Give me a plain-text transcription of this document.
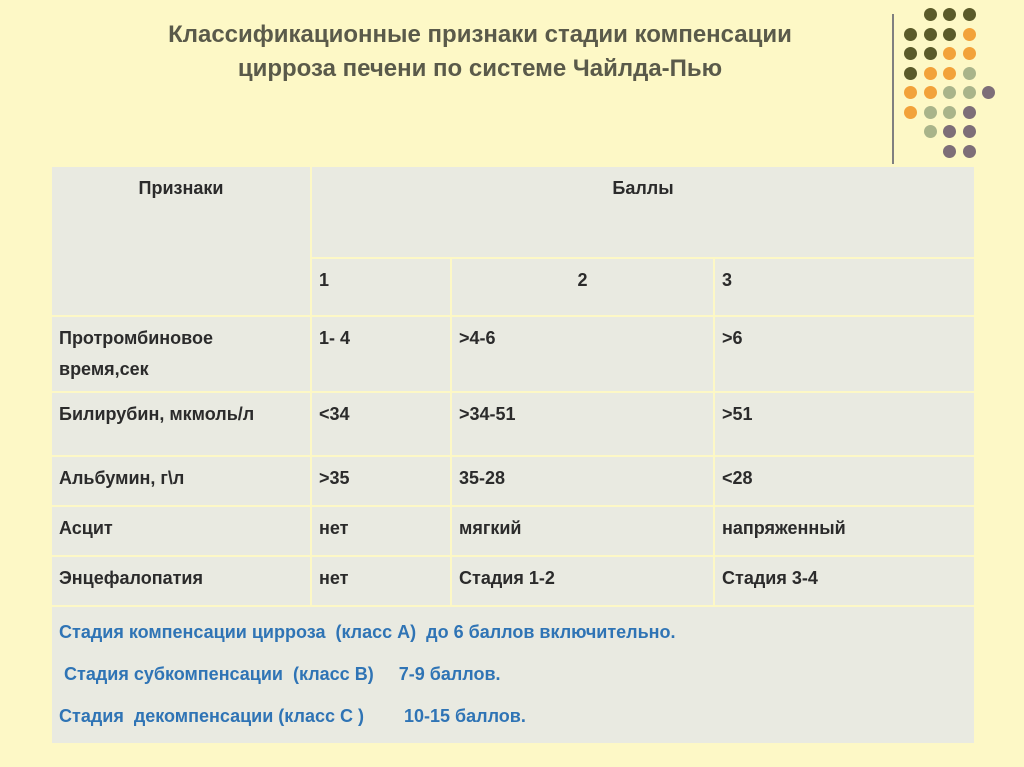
Классификационные признаки стадии компенсации
цирроза печени по системе Чайлда-Пью
Признаки	Баллы		
	1	2	3
Протромбиновое время,сек	1- 4	>4-6	>6
Билирубин, мкмоль/л	<34	>34-51	>51
Альбумин, г\л	>35	35-28	<28
Асцит	нет	мягкий	напряженный
Энцефалопатия	нет	Стадия 1-2	Стадия 3-4

Стадия компенсации цирроза  (класс А)  до 6 баллов включительно.
Стадия субкомпенсации  (класс В)     7-9 баллов.
Стадия  декомпенсации (класс С )        10-15 баллов.			
